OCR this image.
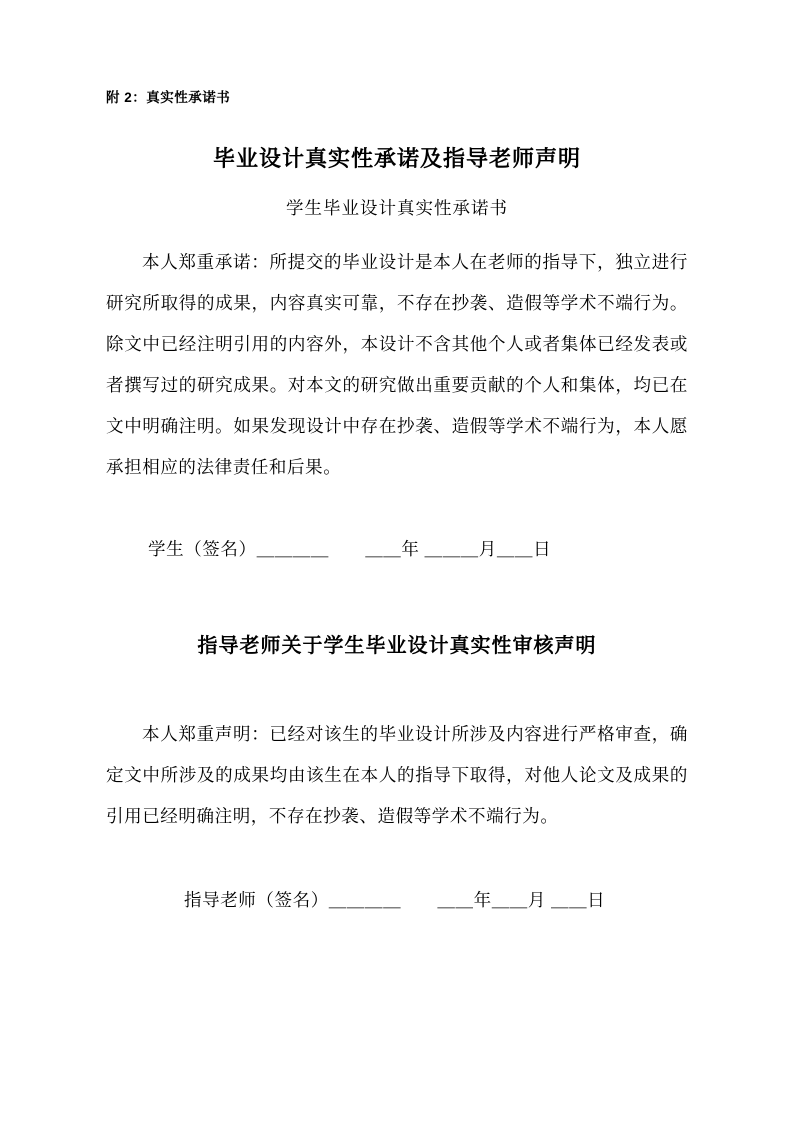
附 2：真实性承诺书

毕业设计真实性承诺及指导老师声明

学生毕业设计真实性承诺书

本人郑重承诺：所提交的毕业设计是本人在老师的指导下，独立进行研究所取得的成果，内容真实可靠，不存在抄袭、造假等学术不端行为。除文中已经注明引用的内容外，本设计不含其他个人或者集体已经发表或者撰写过的研究成果。对本文的研究做出重要贡献的个人和集体，均已在文中明确注明。如果发现设计中存在抄袭、造假等学术不端行为，本人愿承担相应的法律责任和后果。

学生（签名）＿＿＿＿　　＿＿年 ＿＿＿月＿＿日

指导老师关于学生毕业设计真实性审核声明

本人郑重声明：已经对该生的毕业设计所涉及内容进行严格审查，确定文中所涉及的成果均由该生在本人的指导下取得，对他人论文及成果的引用已经明确注明，不存在抄袭、造假等学术不端行为。

指导老师（签名）＿＿＿＿　　＿＿年＿＿月 ＿＿日
